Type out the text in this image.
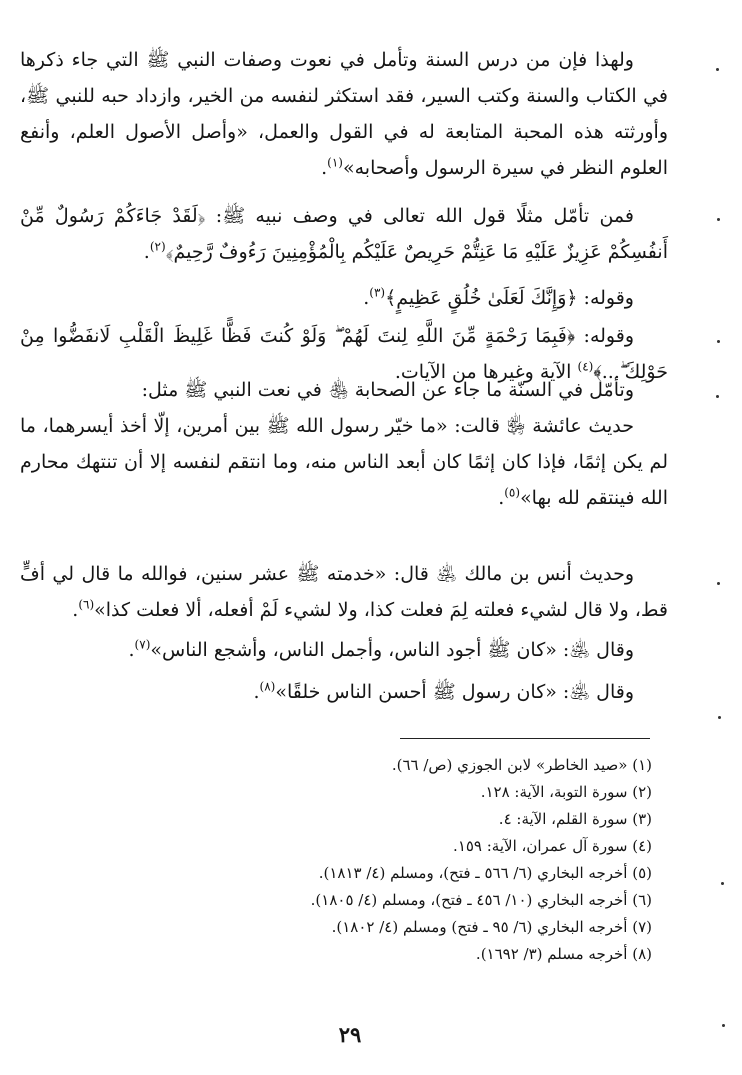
ولهذا فإن من درس السنة وتأمل في نعوت وصفات النبي ﷺ التي جاء ذكرها في الكتاب والسنة وكتب السير، فقد استكثر لنفسه من الخير، وازداد حبه للنبي ﷺ، وأورثته هذه المحبة المتابعة له في القول والعمل، «وأصل الأصول العلم، وأنفع العلوم النظر في سيرة الرسول وأصحابه»$^{(١)}$.
فمن تأمّل مثلًا قول الله تعالى في وصف نبيه ﷺ: ﴿لَقَدْ جَاءَكُمْ رَسُولٌ مِّنْ أَنفُسِكُمْ عَزِيزٌ عَلَيْهِ مَا عَنِتُّمْ حَرِيصٌ عَلَيْكُم بِالْمُؤْمِنِينَ رَءُوفٌ رَّحِيمٌ﴾$^{(٢)}$.
وقوله: ﴿وَإِنَّكَ لَعَلَىٰ خُلُقٍ عَظِيمٍ﴾$^{(٣)}$.
وقوله: ﴿فَبِمَا رَحْمَةٍ مِّنَ اللَّهِ لِنتَ لَهُمْ ۖ وَلَوْ كُنتَ فَظًّا غَلِيظَ الْقَلْبِ لَانفَضُّوا مِنْ حَوْلِكَ ۖ...﴾$^{(٤)}$ الآية وغيرها من الآيات.
وتأمّل في السنّة ما جاء عن الصحابة ﵃ في نعت النبي ﷺ مثل:
حديث عائشة ﵂ قالت: «ما خيّر رسول الله ﷺ بين أمرين، إلّا أخذ أيسرهما، ما لم يكن إثمًا، فإذا كان إثمًا كان أبعد الناس منه، وما انتقم لنفسه إلا أن تنتهك محارم الله فينتقم لله بها»$^{(٥)}$.
وحديث أنس بن مالك ﵁ قال: «خدمته ﷺ عشر سنين، فوالله ما قال لي أفٍّ قط، ولا قال لشيء فعلته لِمَ فعلت كذا، ولا لشيء لَمْ أفعله، ألا فعلت كذا»$^{(٦)}$.
وقال ﵁: «كان ﷺ أجود الناس، وأجمل الناس، وأشجع الناس»$^{(٧)}$.
وقال ﵁: «كان رسول ﷺ أحسن الناس خلقًا»$^{(٨)}$.
(١) «صيد الخاطر» لابن الجوزي (ص/ ٦٦).
(٢) سورة التوبة، الآية: ١٢٨.
(٣) سورة القلم، الآية: ٤.
(٤) سورة آل عمران، الآية: ١٥٩.
(٥) أخرجه البخاري (٦/ ٥٦٦ ـ فتح)، ومسلم (٤/ ١٨١٣).
(٦) أخرجه البخاري (١٠/ ٤٥٦ ـ فتح)، ومسلم (٤/ ١٨٠٥).
(٧) أخرجه البخاري (٦/ ٩٥ ـ فتح) ومسلم (٤/ ١٨٠٢).
(٨) أخرجه مسلم (٣/ ١٦٩٢).
٢٩
